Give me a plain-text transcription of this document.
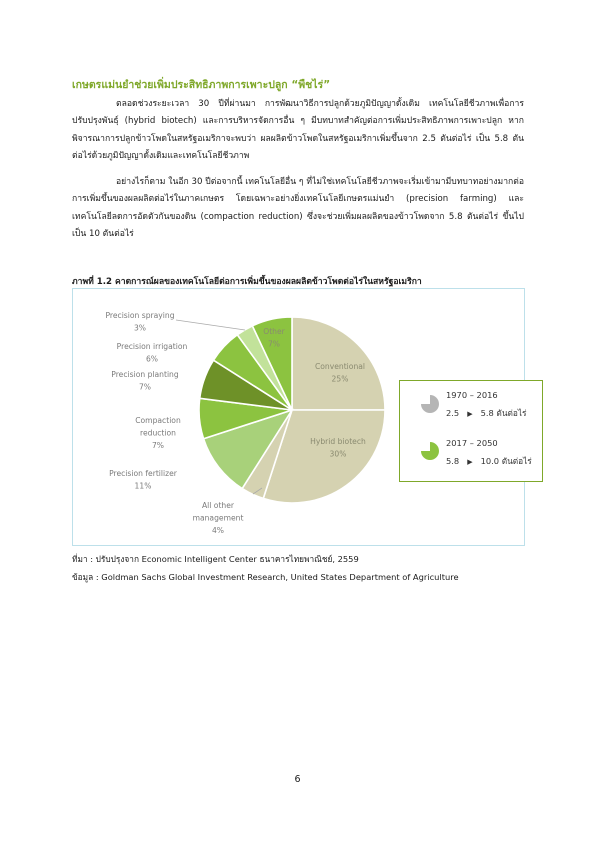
เกษตรแม่นยำช่วยเพิ่มประสิทธิภาพการเพาะปลูก “พืชไร่”
ตลอดช่วงระยะเวลา 30 ปีที่ผ่านมา การพัฒนาวิธีการปลูกด้วยภูมิปัญญาดั้งเดิม เทคโนโลยีชีวภาพเพื่อการปรับปรุงพันธุ์ (hybrid biotech) และการบริหารจัดการอื่น ๆ มีบทบาทสำคัญต่อการเพิ่มประสิทธิภาพการเพาะปลูก หากพิจารณาการปลูกข้าวโพดในสหรัฐอเมริกาจะพบว่า ผลผลิตข้าวโพดในสหรัฐอเมริกาเพิ่มขึ้นจาก 2.5 ตันต่อไร่ เป็น 5.8 ตันต่อไร่ด้วยภูมิปัญญาดั้งเดิมและเทคโนโลยีชีวภาพ
อย่างไรก็ตาม ในอีก 30 ปีต่อจากนี้ เทคโนโลยีอื่น ๆ ที่ไม่ใช่เทคโนโลยีชีวภาพจะเริ่มเข้ามามีบทบาทอย่างมากต่อการเพิ่มขึ้นของผลผลิตต่อไร่ในภาคเกษตร โดยเฉพาะอย่างยิ่งเทคโนโลยีเกษตรแม่นยำ (precision farming) และเทคโนโลยีลดการอัดตัวกันของดิน (compaction reduction) ซึ่งจะช่วยเพิ่มผลผลิตของข้าวโพดจาก 5.8 ตันต่อไร่ ขึ้นไปเป็น 10 ตันต่อไร่
ภาพที่ 1.2 คาดการณ์ผลของเทคโนโลยีต่อการเพิ่มขึ้นของผลผลิตข้าวโพดต่อไร่ในสหรัฐอเมริกา
Conventional 25%
Hybrid biotech 30%
All other management 4%
Precision fertilizer 11%
Compaction reduction 7%
Precision planting 7%
Precision irrigation 6%
Precision spraying 3%	Other 7%
1970 – 2016
2.5 ▶ 5.8 ตันต่อไร่
2017 – 2050
5.8 ▶ 10.0 ตันต่อไร่
ที่มา : ปรับปรุงจาก Economic Intelligent Center ธนาคารไทยพาณิชย์, 2559
ข้อมูล : Goldman Sachs Global Investment Research, United States Department of Agriculture
6
